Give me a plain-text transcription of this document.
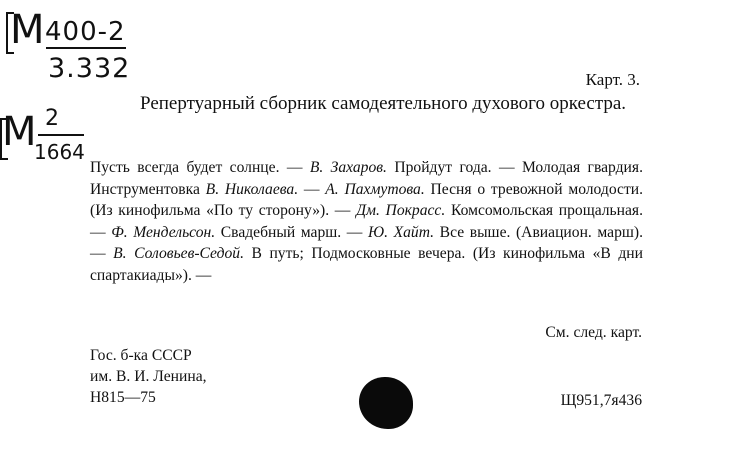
М 400-2
3.332
М 2
1664
Карт. 3.
Репертуарный сборник самодеятельного духового оркестра.
Пусть всегда будет солнце. — В. Захаров. Пройдут года. — Молодая гвардия. Инструментовка В. Николаева. — А. Пахмутова. Песня о тревожной молодости. (Из кинофильма «По ту сторону»). — Дм. Покрасс. Комсомольская прощальная. — Ф. Мендельсон. Свадебный марш. — Ю. Хайт. Все выше. (Авиацион. марш). — В. Соловьев-Седой. В путь; Подмосковные вечера. (Из кинофильма «В дни спартакиады»). —
См. след. карт.
Гос. б-ка СССР
им. В. И. Ленина,
Н815—75	Щ951,7я436
